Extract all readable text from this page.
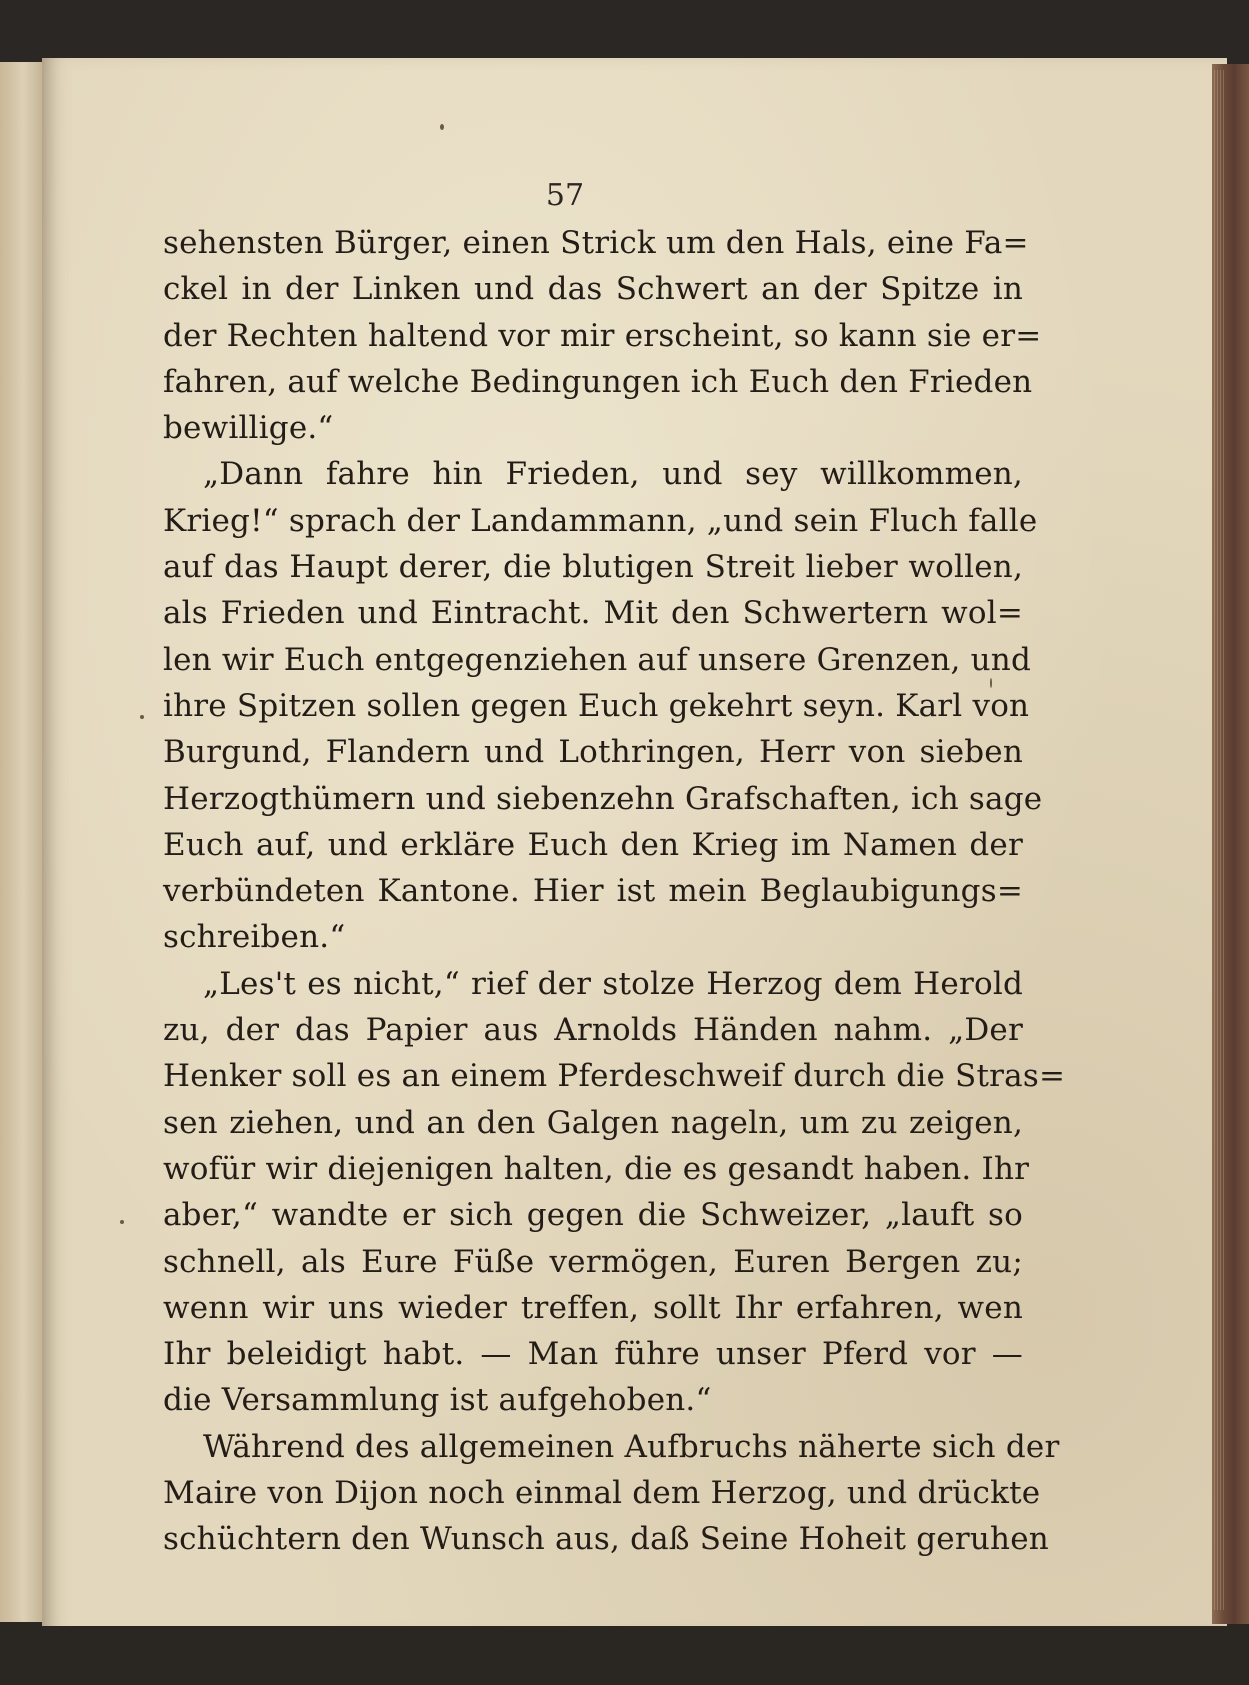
57
sehensten Bürger, einen Strick um den Hals, eine Fa=
ckel in der Linken und das Schwert an der Spitze in
der Rechten haltend vor mir erscheint, so kann sie er=
fahren, auf welche Bedingungen ich Euch den Frieden
bewillige.“
„Dann fahre hin Frieden, und sey willkommen,
Krieg!“ sprach der Landammann, „und sein Fluch falle
auf das Haupt derer, die blutigen Streit lieber wollen,
als Frieden und Eintracht. Mit den Schwertern wol=
len wir Euch entgegenziehen auf unsere Grenzen, und
ihre Spitzen sollen gegen Euch gekehrt seyn. Karl von
Burgund, Flandern und Lothringen, Herr von sieben
Herzogthümern und siebenzehn Grafschaften, ich sage
Euch auf, und erkläre Euch den Krieg im Namen der
verbündeten Kantone. Hier ist mein Beglaubigungs=
schreiben.“
„Les't es nicht,“ rief der stolze Herzog dem Herold
zu, der das Papier aus Arnolds Händen nahm. „Der
Henker soll es an einem Pferdeschweif durch die Stras=
sen ziehen, und an den Galgen nageln, um zu zeigen,
wofür wir diejenigen halten, die es gesandt haben. Ihr
aber,“ wandte er sich gegen die Schweizer, „lauft so
schnell, als Eure Füße vermögen, Euren Bergen zu;
wenn wir uns wieder treffen, sollt Ihr erfahren, wen
Ihr beleidigt habt. — Man führe unser Pferd vor —
die Versammlung ist aufgehoben.“
Während des allgemeinen Aufbruchs näherte sich der
Maire von Dijon noch einmal dem Herzog, und drückte
schüchtern den Wunsch aus, daß Seine Hoheit geruhen
